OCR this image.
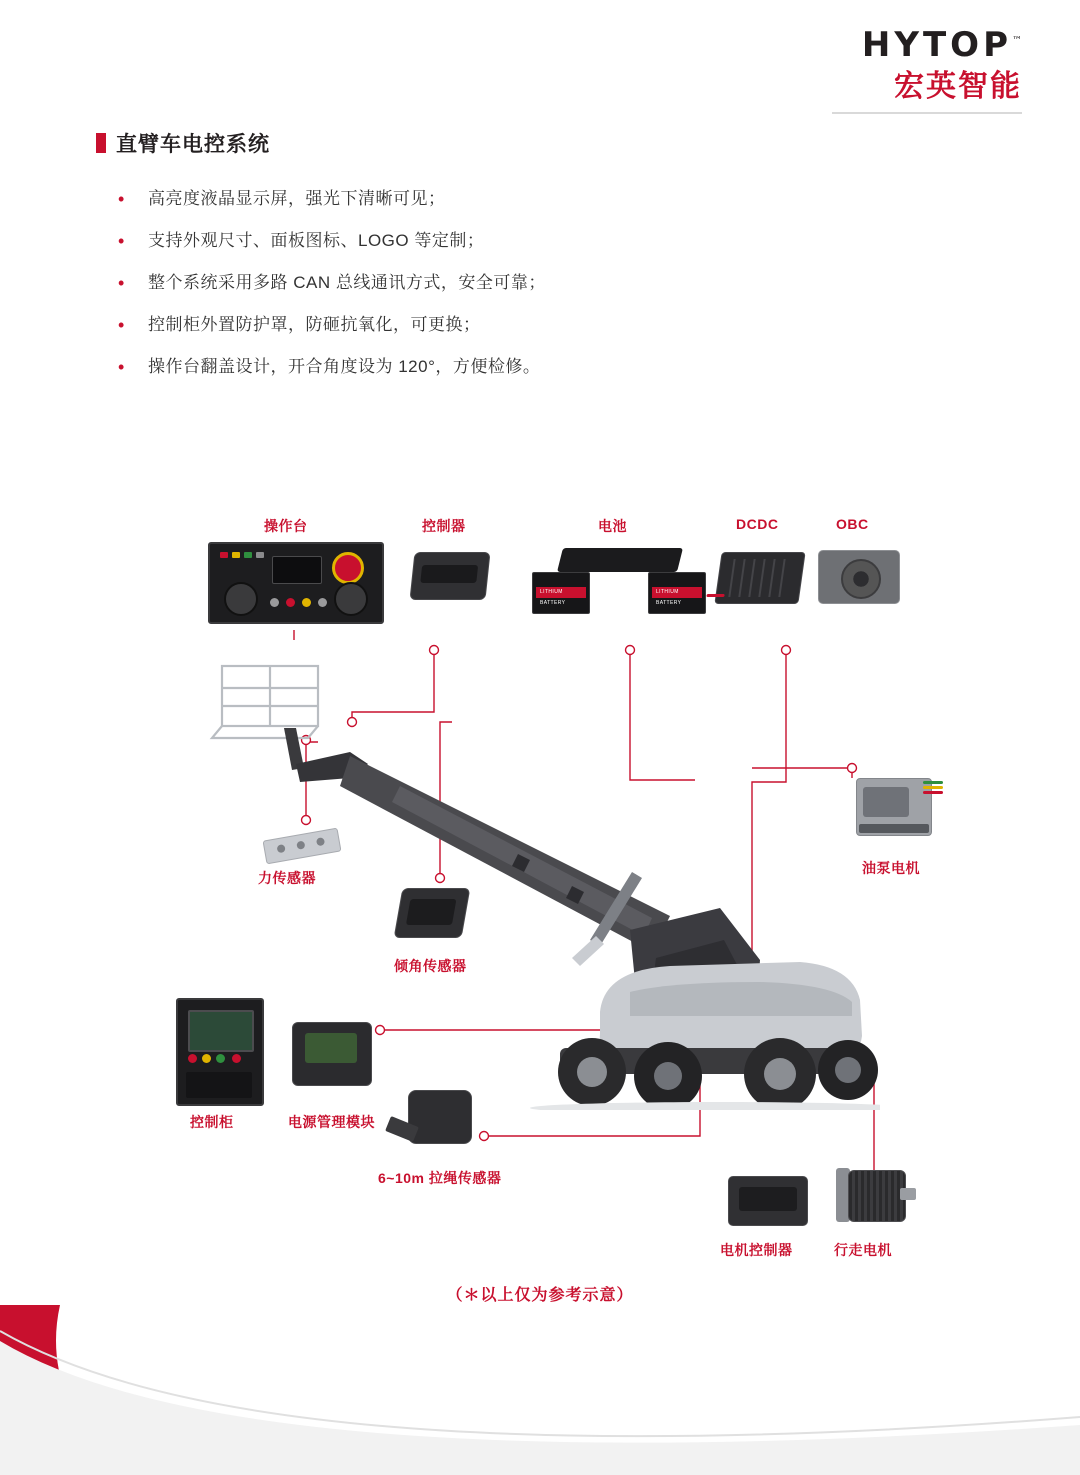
HYTOP™
宏英智能
直臂车电控系统
•	高亮度液晶显示屏，强光下清晰可见；
•	支持外观尺寸、面板图标、LOGO 等定制；
•	整个系统采用多路 CAN 总线通讯方式，安全可靠；
•	控制柜外置防护罩，防砸抗氧化，可更换；
•	操作台翻盖设计，开合角度设为 120°，方便检修。
操作台	控制器	电池	DCDC	OBC
LITHIUM BATTERY
LITHIUM BATTERY
力传感器
倾角传感器
控制柜	电源管理模块
6~10m 拉绳传感器
油泵电机
电机控制器	行走电机
（＊以上仅为参考示意）
